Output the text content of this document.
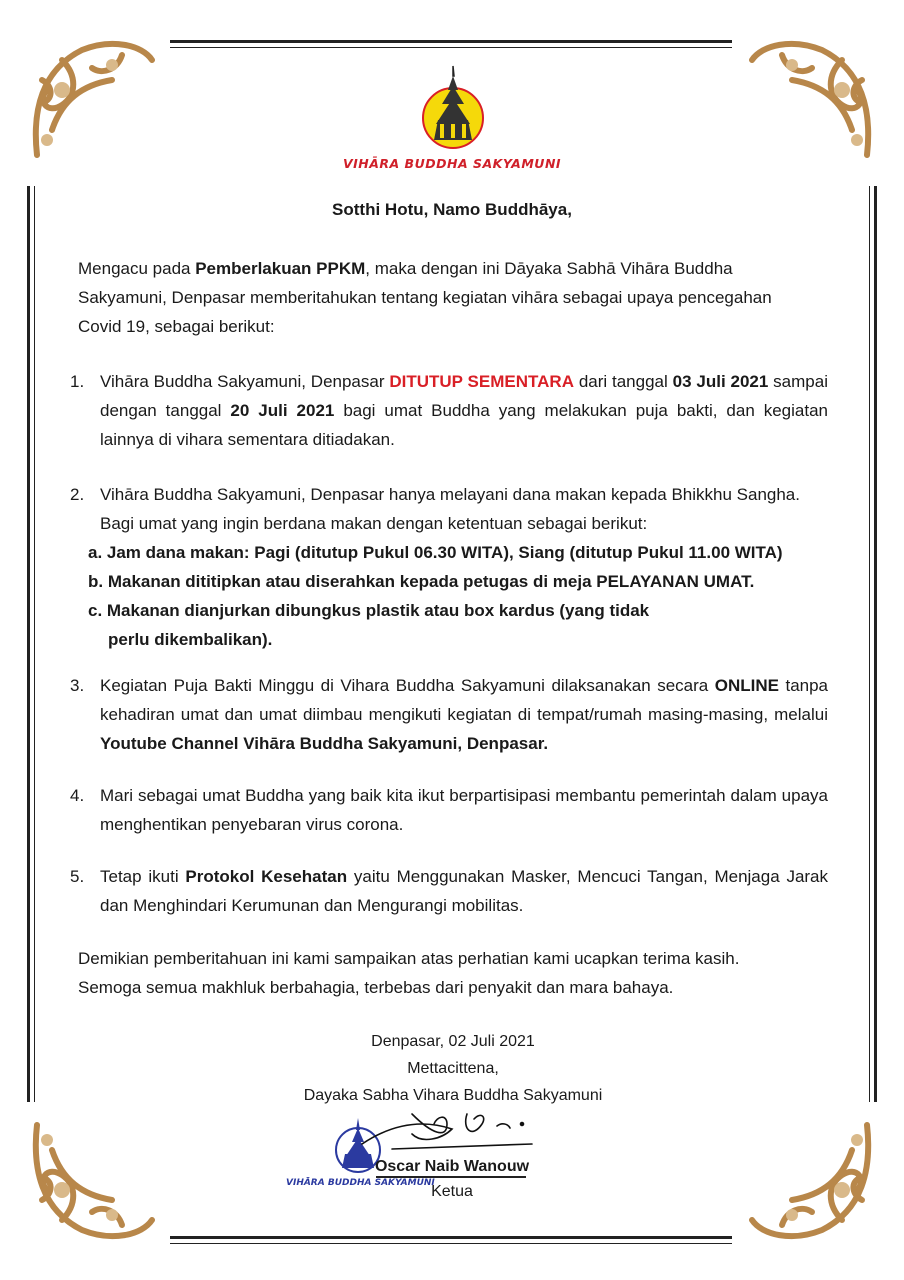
VIHĀRA BUDDHA SAKYAMUNI
Sotthi Hotu, Namo Buddhāya,
Mengacu pada Pemberlakuan PPKM, maka dengan ini Dāyaka Sabhā Vihāra Buddha Sakyamuni, Denpasar memberitahukan tentang kegiatan vihāra sebagai upaya pencegahan Covid 19, sebagai berikut:
1. Vihāra Buddha Sakyamuni, Denpasar DITUTUP SEMENTARA dari tanggal 03 Juli 2021 sampai dengan tanggal 20 Juli 2021 bagi umat Buddha yang melakukan puja bakti, dan kegiatan lainnya di vihara sementara ditiadakan.
2. Vihāra Buddha Sakyamuni, Denpasar hanya melayani dana makan kepada Bhikkhu Sangha. Bagi umat yang ingin berdana makan dengan ketentuan sebagai berikut:
a. Jam dana makan: Pagi (ditutup Pukul 06.30 WITA), Siang (ditutup Pukul 11.00 WITA)
b. Makanan dititipkan atau diserahkan kepada petugas di meja PELAYANAN UMAT.
c. Makanan dianjurkan dibungkus plastik atau box kardus (yang tidak perlu dikembalikan).
3. Kegiatan Puja Bakti Minggu di Vihara Buddha Sakyamuni dilaksanakan secara ONLINE tanpa kehadiran umat dan umat diimbau mengikuti kegiatan di tempat/rumah masing-masing, melalui Youtube Channel Vihāra Buddha Sakyamuni, Denpasar.
4. Mari sebagai umat Buddha yang baik kita ikut berpartisipasi membantu pemerintah dalam upaya menghentikan penyebaran virus corona.
5. Tetap ikuti Protokol Kesehatan yaitu Menggunakan Masker, Mencuci Tangan, Menjaga Jarak dan Menghindari Kerumunan dan Mengurangi mobilitas.
Demikian pemberitahuan ini kami sampaikan atas perhatian kami ucapkan terima kasih.
Semoga semua makhluk berbahagia, terbebas dari penyakit dan mara bahaya.
Denpasar, 02 Juli 2021
Mettacittena,
Dayaka Sabha Vihara Buddha Sakyamuni
VIHĀRA BUDDHA SAKYAMUNI
Oscar Naib Wanouw
Ketua
